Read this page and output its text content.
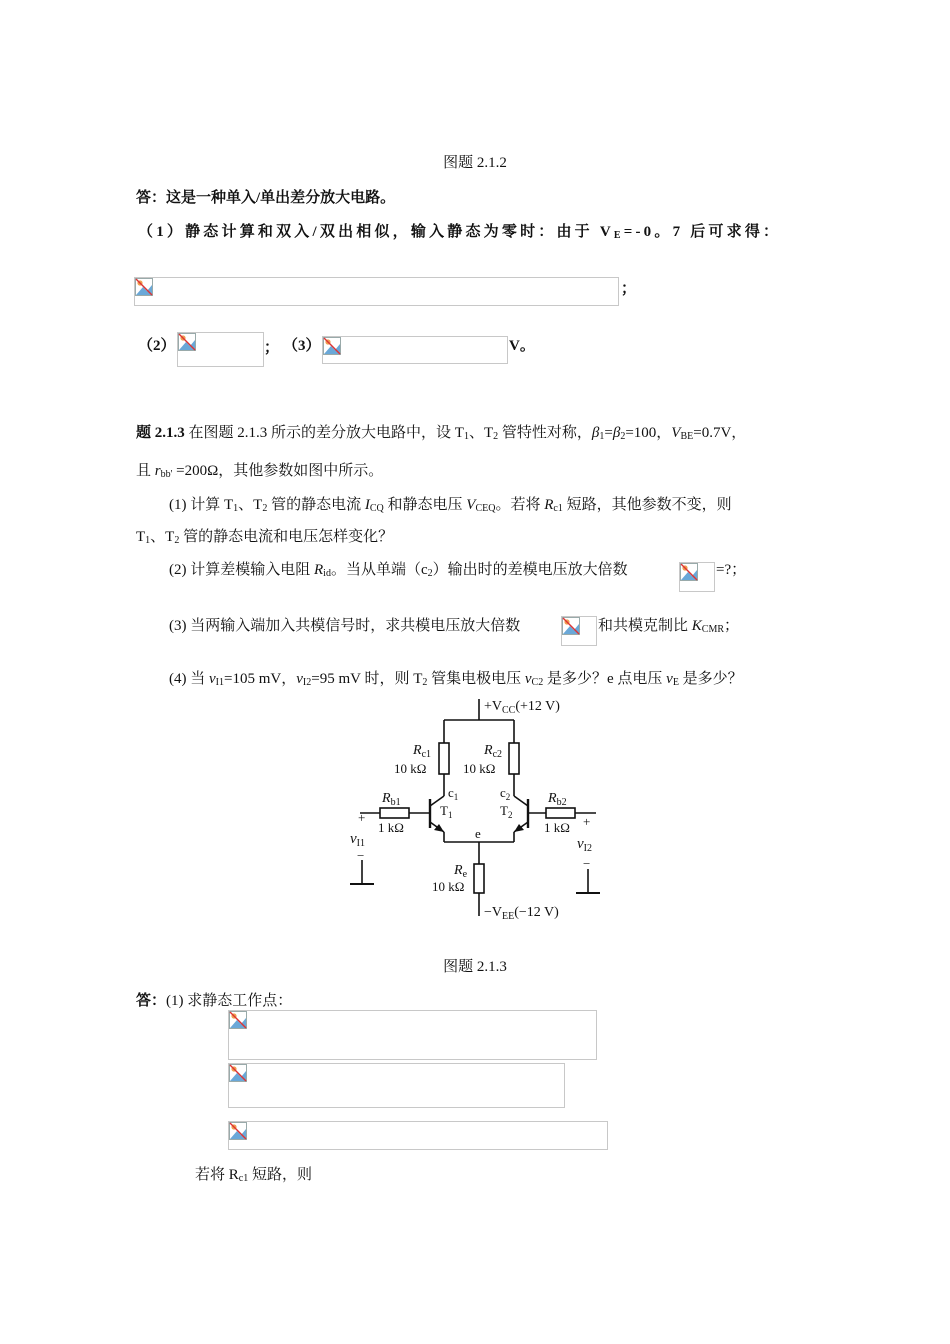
图题 2.1.2
答：这是一种单入/单出差分放大电路。
（1）静态计算和双入/双出相似，输入静态为零时：由于 $V_E=-0$。7 后可求得：
；
（2）	； （3）	V。
题 2.1.3 在图题 2.1.3 所示的差分放大电路中，设 $T_1$、$T_2$ 管特性对称，$\beta_1=\beta_2=100$，$V_{BE}=0.7V$，
且 $r_{bb'} =200\Omega$，其他参数如图中所示。
(1) 计算 $T_1$、$T_2$ 管的静态电流 $I_{CQ}$ 和静态电压 $V_{CEQ}$。若将 $R_{c1}$ 短路，其他参数不变，则
$T_1$、$T_2$ 管的静态电流和电压怎样变化？
(2) 计算差模输入电阻 $R_{id}$。当从单端$(c_2)$输出时的差模电压放大倍数	=?；
(3) 当两输入端加入共模信号时，求共模电压放大倍数	和共模克制比 $K_{CMR}$；
(4) 当 $v_{I1}=105$ mV，$v_{I2}=95$ mV 时，则 $T_2$ 管集电极电压 $v_{C2}$ 是多少？e 点电压 $v_E$ 是多少？
$+V_{CC}(+12$ V)
$R_{c1}$
10 kΩ
$R_{c2}$
10 kΩ
$c_1$	$c_2$
$T_1$	$T_2$
$R_{b1}$
1 kΩ
$R_{b2}$
1 kΩ
+	+
$v_{I1}$
−
$v_{I2}$
−
e
$R_e$
10 kΩ
$-V_{EE}(-12$ V)
图题 2.1.3
答：(1) 求静态工作点：
若将 $R_{c1}$ 短路，则
